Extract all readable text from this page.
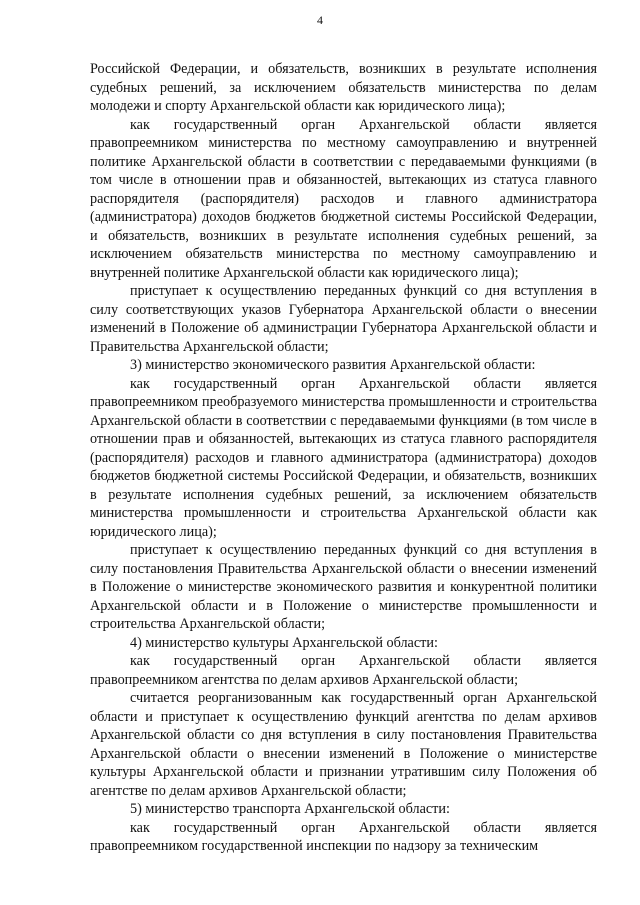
4

Российской Федерации, и обязательств, возникших в результате исполнения судебных решений, за исключением обязательств министерства по делам молодежи и спорту Архангельской области как юридического лица);

как государственный орган Архангельской области является правопреемником министерства по местному самоуправлению и внутренней политике Архангельской области в соответствии с передаваемыми функциями (в том числе в отношении прав и обязанностей, вытекающих из статуса главного распорядителя (распорядителя) расходов и главного администратора (администратора) доходов бюджетов бюджетной системы Российской Федерации, и обязательств, возникших в результате исполнения судебных решений, за исключением обязательств министерства по местному самоуправлению и внутренней политике Архангельской области как юридического лица);

приступает к осуществлению переданных функций со дня вступления в силу соответствующих указов Губернатора Архангельской области о внесении изменений в Положение об администрации Губернатора Архангельской области и Правительства Архангельской области;

3) министерство экономического развития Архангельской области:

как государственный орган Архангельской области является правопреемником преобразуемого министерства промышленности и строительства Архангельской области в соответствии с передаваемыми функциями (в том числе в отношении прав и обязанностей, вытекающих из статуса главного распорядителя (распорядителя) расходов и главного администратора (администратора) доходов бюджетов бюджетной системы Российской Федерации, и обязательств, возникших в результате исполнения судебных решений, за исключением обязательств министерства промышленности и строительства Архангельской области как юридического лица);

приступает к осуществлению переданных функций со дня вступления в силу постановления Правительства Архангельской области о внесении изменений в Положение о министерстве экономического развития и конкурентной политики Архангельской области и в Положение о министерстве промышленности и строительства Архангельской области;

4) министерство культуры Архангельской области:

как государственный орган Архангельской области является правопреемником агентства по делам архивов Архангельской области;

считается реорганизованным как государственный орган Архангельской области и приступает к осуществлению функций агентства по делам архивов Архангельской области со дня вступления в силу постановления Правительства Архангельской области о внесении изменений в Положение о министерстве культуры Архангельской области и признании утратившим силу Положения об агентстве по делам архивов Архангельской области;

5) министерство транспорта Архангельской области:

как государственный орган Архангельской области является правопреемником государственной инспекции по надзору за техническим
